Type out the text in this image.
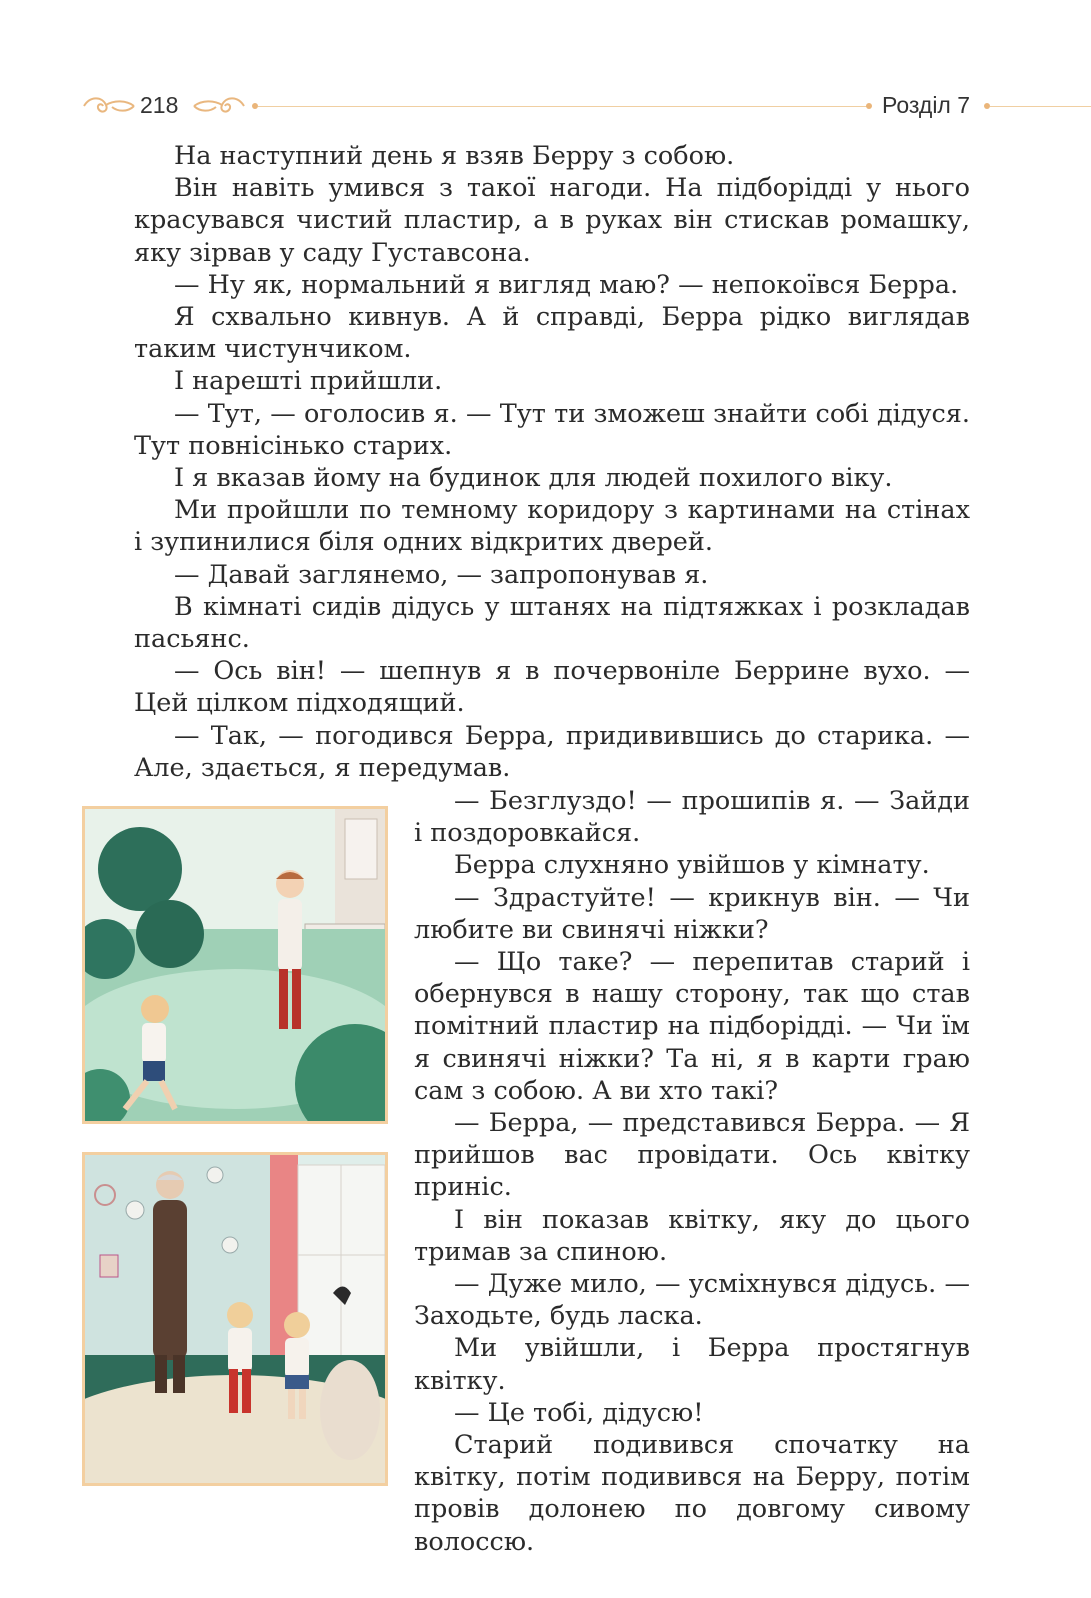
218	Розділ 7

На наступний день я взяв Берру з собою.

Він навіть умився з такої нагоди. На підборідді у нього красувався чистий пластир, а в руках він стискав ромашку, яку зірвав у саду Густавсона.

— Ну як, нормальний я вигляд маю? — непокоївся Берра.

Я схвально кивнув. А й справді, Берра рідко виглядав таким чистунчиком.

І нарешті прийшли.

— Тут, — оголосив я. — Тут ти зможеш знайти собі дідуся. Тут повнісінько старих.

І я вказав йому на будинок для людей похилого віку.

Ми пройшли по темному коридору з картинами на стінах і зупинилися біля одних відкритих дверей.

— Давай заглянемо, — запропонував я.

В кімнаті сидів дідусь у штанях на підтяжках і розкладав пасьянс.

— Ось він! — шепнув я в почервоніле Беррине вухо. — Цей цілком підходящий.

— Так, — погодився Берра, придивившись до старика. — Але, здається, я передумав.

— Безглуздо! — прошипів я. — Зайди і поздоровкайся.

Берра слухняно увійшов у кімнату.

— Здрастуйте! — крикнув він. — Чи любите ви свинячі ніжки?

— Що таке? — перепитав старий і обернувся в нашу сторону, так що став помітний пластир на підборідді. — Чи їм я свинячі ніжки? Та ні, я в карти граю сам з собою. А ви хто такі?

— Берра, — представився Берра. — Я прийшов вас провідати. Ось квітку приніс.

І він показав квітку, яку до цього тримав за спиною.

— Дуже мило, — усміхнувся дідусь. — Заходьте, будь ласка.

Ми увійшли, і Берра простягнув квітку.

— Це тобі, дідусю!

Старий подивився спочатку на квітку, потім подивився на Берру, потім провів долонею по довгому сивому волоссю.
